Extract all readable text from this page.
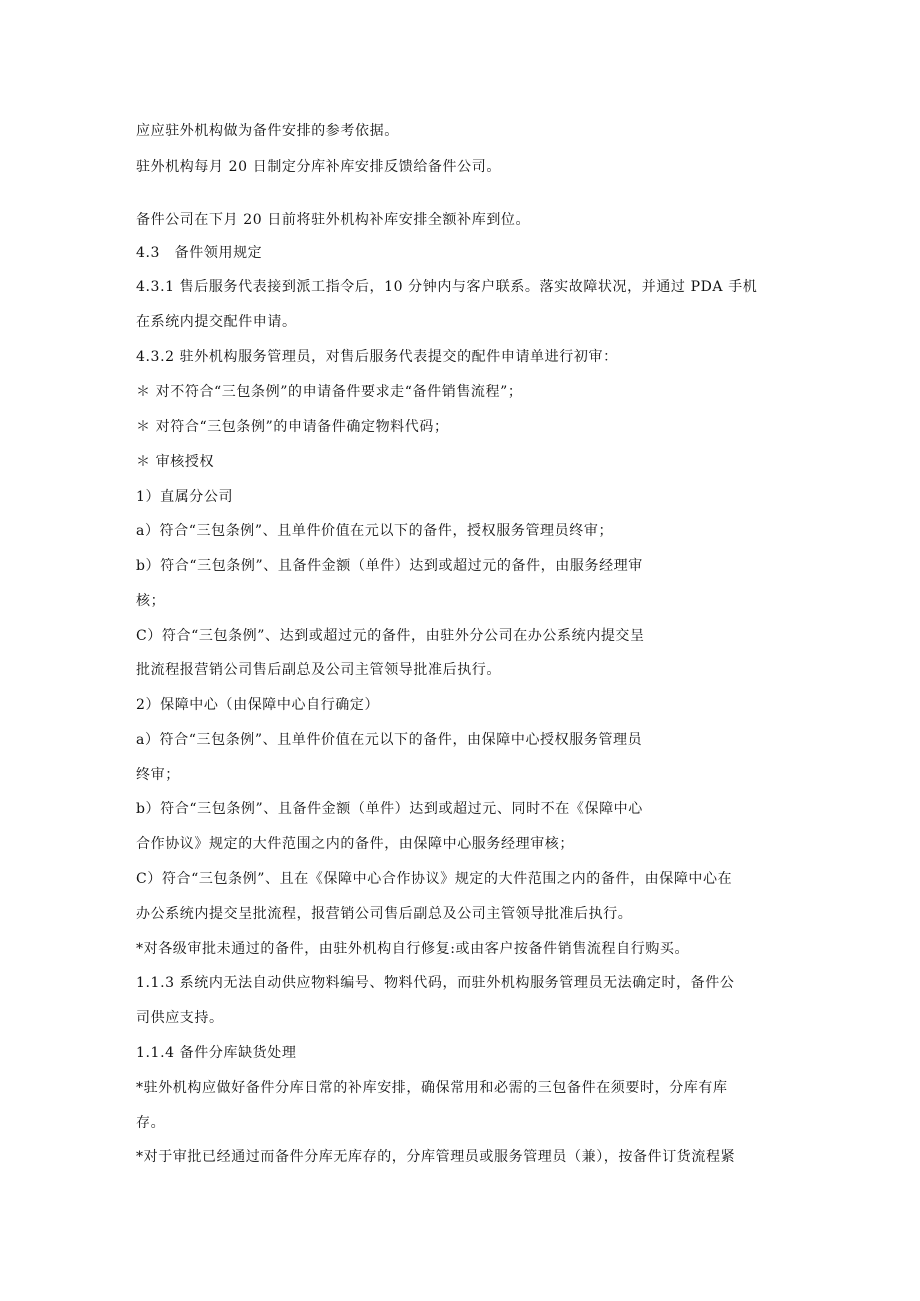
应应驻外机构做为备件安排的参考依据。
驻外机构每月 20 日制定分库补库安排反馈给备件公司。
备件公司在下月 20 日前将驻外机构补库安排全额补库到位。
4.3　备件领用规定
4.3.1 售后服务代表接到派工指令后，10 分钟内与客户联系。落实故障状况，并通过 PDA 手机
在系统内提交配件申请。
4.3.2 驻外机构服务管理员，对售后服务代表提交的配件申请单进行初审：
＊ 对不符合“三包条例”的申请备件要求走“备件销售流程”；
＊ 对符合“三包条例”的申请备件确定物料代码；
＊ 审核授权
1）直属分公司
a）符合“三包条例”、且单件价值在元以下的备件，授权服务管理员终审；
b）符合“三包条例”、且备件金额（单件）达到或超过元的备件，由服务经理审
核；
C）符合“三包条例”、达到或超过元的备件，由驻外分公司在办公系统内提交呈
批流程报营销公司售后副总及公司主管领导批准后执行。
2）保障中心（由保障中心自行确定）
a）符合“三包条例”、且单件价值在元以下的备件，由保障中心授权服务管理员
终审；
b）符合“三包条例”、且备件金额（单件）达到或超过元、同时不在《保障中心
合作协议》规定的大件范围之内的备件，由保障中心服务经理审核；
C）符合“三包条例”、且在《保障中心合作协议》规定的大件范围之内的备件，由保障中心在
办公系统内提交呈批流程，报营销公司售后副总及公司主管领导批准后执行。
*对各级审批未通过的备件，由驻外机构自行修复:或由客户按备件销售流程自行购买。
1.1.3 系统内无法自动供应物料编号、物料代码，而驻外机构服务管理员无法确定时，备件公
司供应支持。
1.1.4 备件分库缺货处理
*驻外机构应做好备件分库日常的补库安排，确保常用和必需的三包备件在须要时，分库有库
存。
*对于审批已经通过而备件分库无库存的，分库管理员或服务管理员（兼），按备件订货流程紧
